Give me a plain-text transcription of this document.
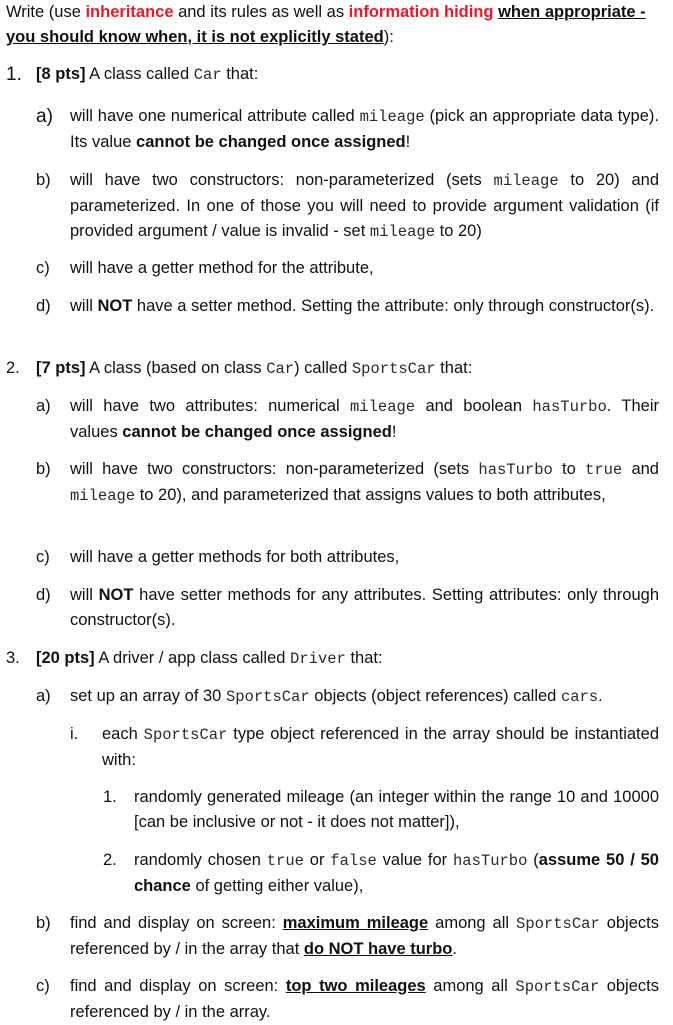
Write (use inheritance and its rules as well as information hiding when appropriate - you should know when, it is not explicitly stated):
1. [8 pts] A class called Car that:
a) will have one numerical attribute called mileage (pick an appropriate data type). Its value cannot be changed once assigned!
b) will have two constructors: non-parameterized (sets mileage to 20) and parameterized. In one of those you will need to provide argument validation (if provided argument / value is invalid - set mileage to 20)
c) will have a getter method for the attribute,
d) will NOT have a setter method. Setting the attribute: only through constructor(s).
2. [7 pts] A class (based on class Car) called SportsCar that:
a) will have two attributes: numerical mileage and boolean hasTurbo. Their values cannot be changed once assigned!
b) will have two constructors: non-parameterized (sets hasTurbo to true and mileage to 20), and parameterized that assigns values to both attributes,
c) will have a getter methods for both attributes,
d) will NOT have setter methods for any attributes. Setting attributes: only through constructor(s).
3. [20 pts] A driver / app class called Driver that:
a) set up an array of 30 SportsCar objects (object references) called cars.
i. each SportsCar type object referenced in the array should be instantiated with:
1. randomly generated mileage (an integer within the range 10 and 10000 [can be inclusive or not - it does not matter]),
2. randomly chosen true or false value for hasTurbo (assume 50 / 50 chance of getting either value),
b) find and display on screen: maximum mileage among all SportsCar objects referenced by / in the array that do NOT have turbo.
c) find and display on screen: top two mileages among all SportsCar objects referenced by / in the array.
